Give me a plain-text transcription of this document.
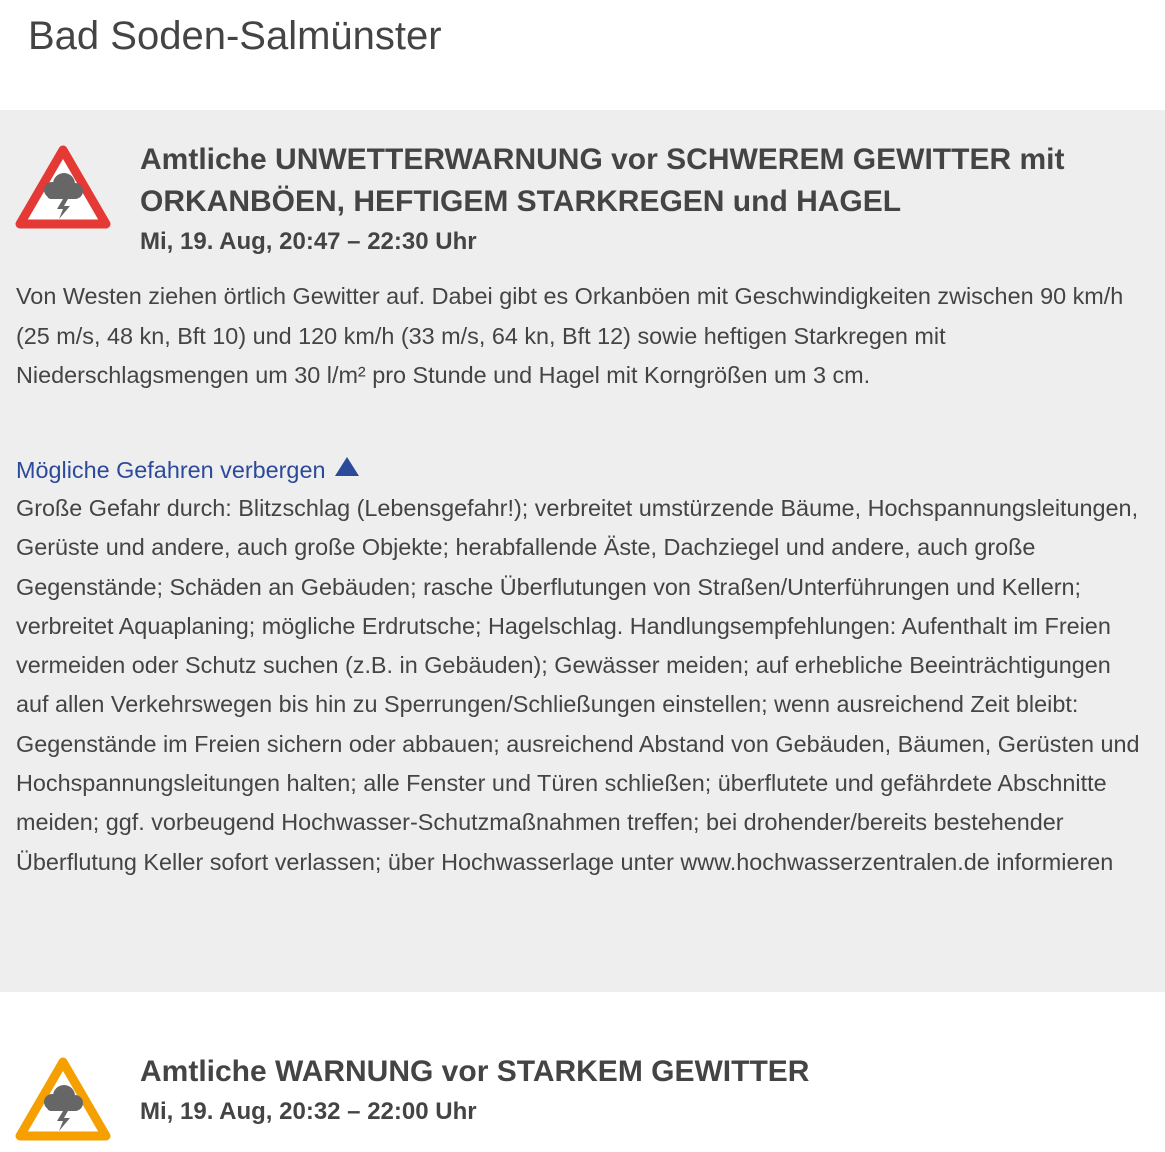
Bad Soden-Salmünster
Amtliche UNWETTERWARNUNG vor SCHWEREM GEWITTER mit ORKANBÖEN, HEFTIGEM STARKREGEN und HAGEL
Mi, 19. Aug, 20:47 – 22:30 Uhr

Von Westen ziehen örtlich Gewitter auf. Dabei gibt es Orkanböen mit Geschwindigkeiten zwischen 90 km/h (25 m/s, 48 kn, Bft 10) und 120 km/h (33 m/s, 64 kn, Bft 12) sowie heftigen Starkregen mit Niederschlagsmengen um 30 l/m² pro Stunde und Hagel mit Korngrößen um 3 cm.

Mögliche Gefahren verbergen

Große Gefahr durch: Blitzschlag (Lebensgefahr!); verbreitet umstürzende Bäume, Hochspannungsleitungen, Gerüste und andere, auch große Objekte; herabfallende Äste, Dachziegel und andere, auch große Gegenstände; Schäden an Gebäuden; rasche Überflutungen von Straßen/Unterführungen und Kellern; verbreitet Aquaplaning; mögliche Erdrutsche; Hagelschlag. Handlungsempfehlungen: Aufenthalt im Freien vermeiden oder Schutz suchen (z.B. in Gebäuden); Gewässer meiden; auf erhebliche Beeinträchtigungen auf allen Verkehrswegen bis hin zu Sperrungen/Schließungen einstellen; wenn ausreichend Zeit bleibt: Gegenstände im Freien sichern oder abbauen; ausreichend Abstand von Gebäuden, Bäumen, Gerüsten und Hochspannungsleitungen halten; alle Fenster und Türen schließen; überflutete und gefährdete Abschnitte meiden; ggf. vorbeugend Hochwasser-Schutzmaßnahmen treffen; bei drohender/bereits bestehender Überflutung Keller sofort verlassen; über Hochwasserlage unter www.hochwasserzentralen.de informieren

Amtliche WARNUNG vor STARKEM GEWITTER
Mi, 19. Aug, 20:32 – 22:00 Uhr
